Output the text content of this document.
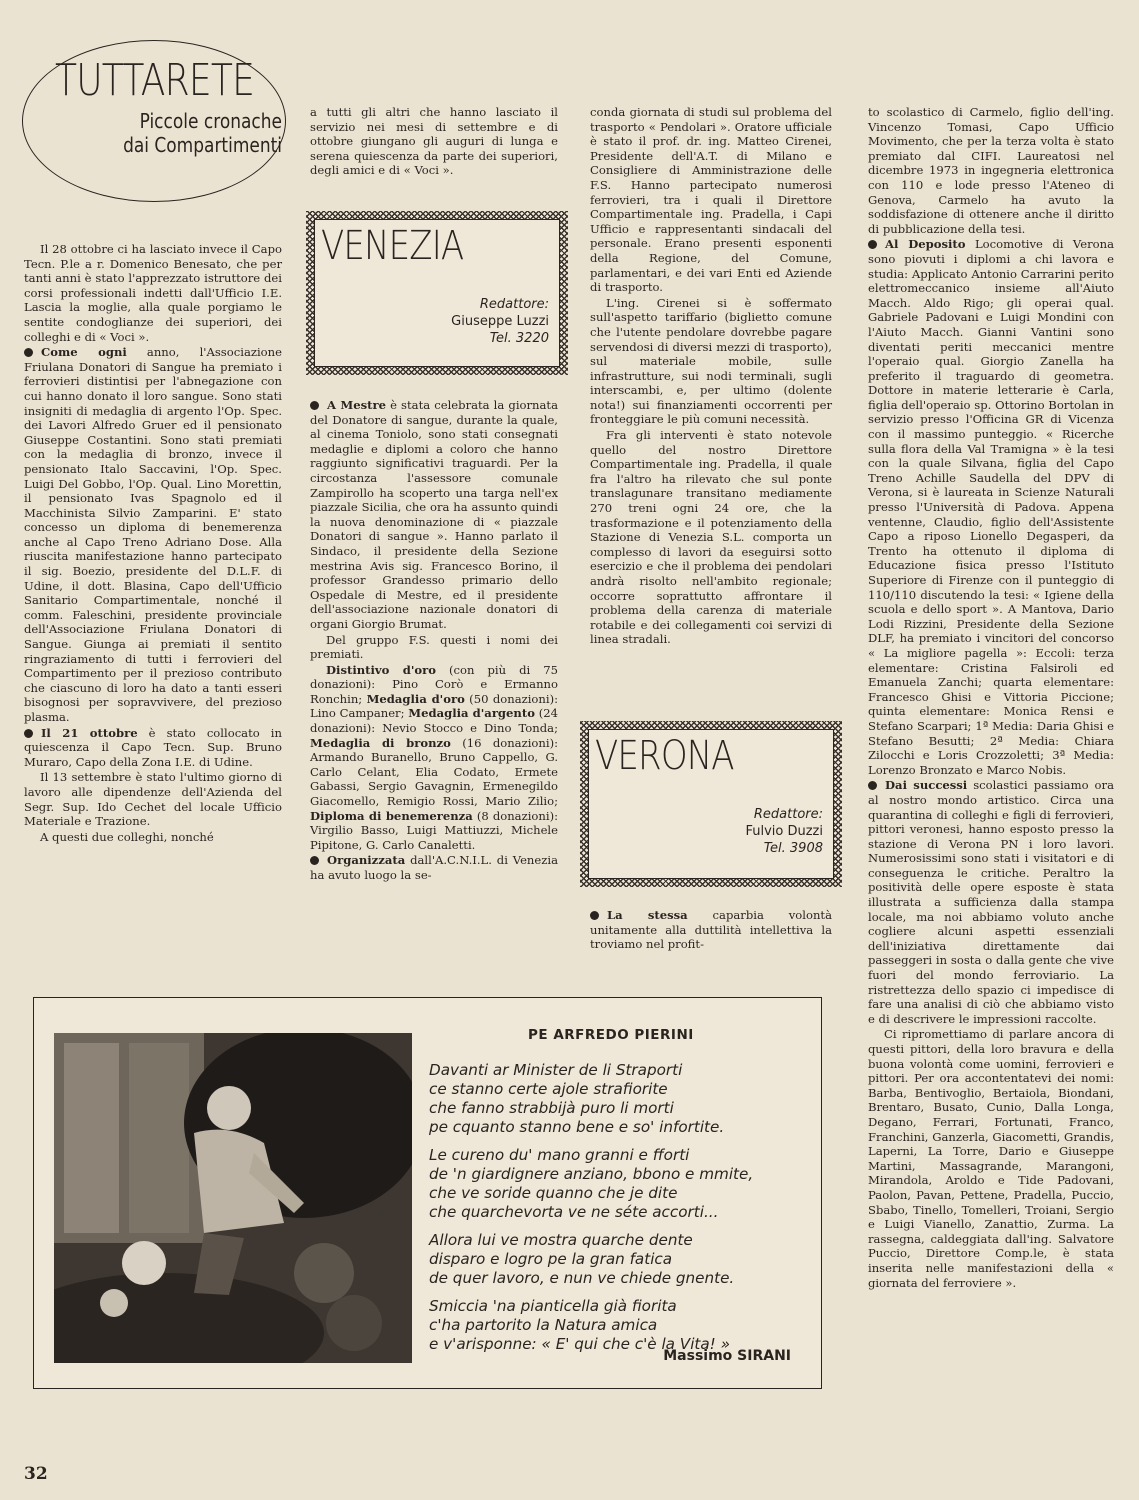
TUTTARETE
Piccole cronache
dai Compartimenti

Il 28 ottobre ci ha lasciato invece il Capo Tecn. P.le a r. Domenico Benesato, che per tanti anni è stato l'apprezzato istruttore dei corsi professionali indetti dall'Ufficio I.E. Lascia la moglie, alla quale porgiamo le sentite condoglianze dei superiori, dei colleghi e di « Voci ».

Come ogni anno, l'Associazione Friulana Donatori di Sangue ha premiato i ferrovieri distintisi per l'abnegazione con cui hanno donato il loro sangue. Sono stati insigniti di medaglia di argento l'Op. Spec. dei Lavori Alfredo Gruer ed il pensionato Giuseppe Costantini. Sono stati premiati con la medaglia di bronzo, invece il pensionato Italo Saccavini, l'Op. Spec. Luigi Del Gobbo, l'Op. Qual. Lino Morettin, il pensionato Ivas Spagnolo ed il Macchinista Silvio Zamparini. E' stato concesso un diploma di benemerenza anche al Capo Treno Adriano Dose. Alla riuscita manifestazione hanno partecipato il sig. Boezio, presidente del D.L.F. di Udine, il dott. Blasina, Capo dell'Ufficio Sanitario Compartimentale, nonché il comm. Faleschini, presidente provinciale dell'Associazione Friulana Donatori di Sangue. Giunga ai premiati il sentito ringraziamento di tutti i ferrovieri del Compartimento per il prezioso contributo che ciascuno di loro ha dato a tanti esseri bisognosi per sopravvivere, del prezioso plasma.

Il 21 ottobre è stato collocato in quiescenza il Capo Tecn. Sup. Bruno Muraro, Capo della Zona I.E. di Udine.

Il 13 settembre è stato l'ultimo giorno di lavoro alle dipendenze dell'Azienda del Segr. Sup. Ido Cechet del locale Ufficio Materiale e Trazione.

A questi due colleghi, nonché

a tutti gli altri che hanno lasciato il servizio nei mesi di settembre e di ottobre giungano gli auguri di lunga e serena quiescenza da parte dei superiori, degli amici e di « Voci ».

VENEZIA
Redattore:
Giuseppe Luzzi
Tel. 3220

A Mestre è stata celebrata la giornata del Donatore di sangue, durante la quale, al cinema Toniolo, sono stati consegnati medaglie e diplomi a coloro che hanno raggiunto significativi traguardi. Per la circostanza l'assessore comunale Zampirollo ha scoperto una targa nell'ex piazzale Sicilia, che ora ha assunto quindi la nuova denominazione di « piazzale Donatori di sangue ». Hanno parlato il Sindaco, il presidente della Sezione mestrina Avis sig. Francesco Borino, il professor Grandesso primario dello Ospedale di Mestre, ed il presidente dell'associazione nazionale donatori di organi Giorgio Brumat.

Del gruppo F.S. questi i nomi dei premiati.

Distintivo d'oro (con più di 75 donazioni): Pino Corò e Ermanno Ronchin; Medaglia d'oro (50 donazioni): Lino Campaner; Medaglia d'argento (24 donazioni): Nevio Stocco e Dino Tonda; Medaglia di bronzo (16 donazioni): Armando Buranello, Bruno Cappello, G. Carlo Celant, Elia Codato, Ermete Gabassi, Sergio Gavagnin, Ermenegildo Giacomello, Remigio Rossi, Mario Zilio; Diploma di benemerenza (8 donazioni): Virgilio Basso, Luigi Mattiuzzi, Michele Pipitone, G. Carlo Canaletti.

Organizzata dall'A.C.N.I.L. di Venezia ha avuto luogo la se-

conda giornata di studi sul problema del trasporto « Pendolari ». Oratore ufficiale è stato il prof. dr. ing. Matteo Cirenei, Presidente dell'A.T. di Milano e Consigliere di Amministrazione delle F.S. Hanno partecipato numerosi ferrovieri, tra i quali il Direttore Compartimentale ing. Pradella, i Capi Ufficio e rappresentanti sindacali del personale. Erano presenti esponenti della Regione, del Comune, parlamentari, e dei vari Enti ed Aziende di trasporto.

L'ing. Cirenei si è soffermato sull'aspetto tariffario (biglietto comune che l'utente pendolare dovrebbe pagare servendosi di diversi mezzi di trasporto), sul materiale mobile, sulle infrastrutture, sui nodi terminali, sugli interscambi, e, per ultimo (dolente nota!) sui finanziamenti occorrenti per fronteggiare le più comuni necessità.

Fra gli interventi è stato notevole quello del nostro Direttore Compartimentale ing. Pradella, il quale fra l'altro ha rilevato che sul ponte translagunare transitano mediamente 270 treni ogni 24 ore, che la trasformazione e il potenziamento della Stazione di Venezia S.L. comporta un complesso di lavori da eseguirsi sotto esercizio e che il problema dei pendolari andrà risolto nell'ambito regionale; occorre soprattutto affrontare il problema della carenza di materiale rotabile e dei collegamenti coi servizi di linea stradali.

VERONA
Redattore:
Fulvio Duzzi
Tel. 3908

La stessa caparbia volontà unitamente alla duttilità intellettiva la troviamo nel profit-

to scolastico di Carmelo, figlio dell'ing. Vincenzo Tomasi, Capo Ufficio Movimento, che per la terza volta è stato premiato dal CIFI. Laureatosi nel dicembre 1973 in ingegneria elettronica con 110 e lode presso l'Ateneo di Genova, Carmelo ha avuto la soddisfazione di ottenere anche il diritto di pubblicazione della tesi.

Al Deposito Locomotive di Verona sono piovuti i diplomi a chi lavora e studia: Applicato Antonio Carrarini perito elettromeccanico insieme all'Aiuto Macch. Aldo Rigo; gli operai qual. Gabriele Padovani e Luigi Mondini con l'Aiuto Macch. Gianni Vantini sono diventati periti meccanici mentre l'operaio qual. Giorgio Zanella ha preferito il traguardo di geometra. Dottore in materie letterarie è Carla, figlia dell'operaio sp. Ottorino Bortolan in servizio presso l'Officina GR di Vicenza con il massimo punteggio. « Ricerche sulla flora della Val Tramigna » è la tesi con la quale Silvana, figlia del Capo Treno Achille Saudella del DPV di Verona, si è laureata in Scienze Naturali presso l'Università di Padova. Appena ventenne, Claudio, figlio dell'Assistente Capo a riposo Lionello Degasperi, da Trento ha ottenuto il diploma di Educazione fisica presso l'Istituto Superiore di Firenze con il punteggio di 110/110 discutendo la tesi: « Igiene della scuola e dello sport ». A Mantova, Dario Lodi Rizzini, Presidente della Sezione DLF, ha premiato i vincitori del concorso « La migliore pagella »: Eccoli: terza elementare: Cristina Falsiroli ed Emanuela Zanchi; quarta elementare: Francesco Ghisi e Vittoria Piccione; quinta elementare: Monica Rensi e Stefano Scarpari; 1ª Media: Daria Ghisi e Stefano Besutti; 2ª Media: Chiara Zilocchi e Loris Crozzoletti; 3ª Media: Lorenzo Bronzato e Marco Nobis.

Dai successi scolastici passiamo ora al nostro mondo artistico. Circa una quarantina di colleghi e figli di ferrovieri, pittori veronesi, hanno esposto presso la stazione di Verona PN i loro lavori. Numerosissimi sono stati i visitatori e di conseguenza le critiche. Peraltro la positività delle opere esposte è stata illustrata a sufficienza dalla stampa locale, ma noi abbiamo voluto anche cogliere alcuni aspetti essenziali dell'iniziativa direttamente dai passeggeri in sosta o dalla gente che vive fuori del mondo ferroviario. La ristrettezza dello spazio ci impedisce di fare una analisi di ciò che abbiamo visto e di descrivere le impressioni raccolte.

Ci ripromettiamo di parlare ancora di questi pittori, della loro bravura e della buona volontà come uomini, ferrovieri e pittori. Per ora accontentatevi dei nomi: Barba, Bentivoglio, Bertaiola, Biondani, Brentaro, Busato, Cunio, Dalla Longa, Degano, Ferrari, Fortunati, Franco, Franchini, Ganzerla, Giacometti, Grandis, Laperni, La Torre, Dario e Giuseppe Martini, Massagrande, Marangoni, Mirandola, Aroldo e Tide Padovani, Paolon, Pavan, Pettene, Pradella, Puccio, Sbabo, Tinello, Tomelleri, Troiani, Sergio e Luigi Vianello, Zanattio, Zurma. La rassegna, caldeggiata dall'ing. Salvatore Puccio, Direttore Comp.le, è stata inserita nelle manifestazioni della « giornata del ferroviere ».

PE ARFREDO PIERINI
Davanti ar Minister de li Straporti
ce stanno certe ajole strafiorite
che fanno strabbijà puro li morti
pe cquanto stanno bene e so' infortite.
Le cureno du' mano granni e fforti
de 'n giardignere anziano, bbono e mmite,
che ve soride quanno che je dite
che quarchevorta ve ne séte accorti...
Allora lui ve mostra quarche dente
disparo e logro pe la gran fatica
de quer lavoro, e nun ve chiede gnente.
Smiccia 'na pianticella già fiorita
c'ha partorito la Natura amica
e v'arisponne: « E' qui che c'è la Vita! »
Massimo SIRANI
32
